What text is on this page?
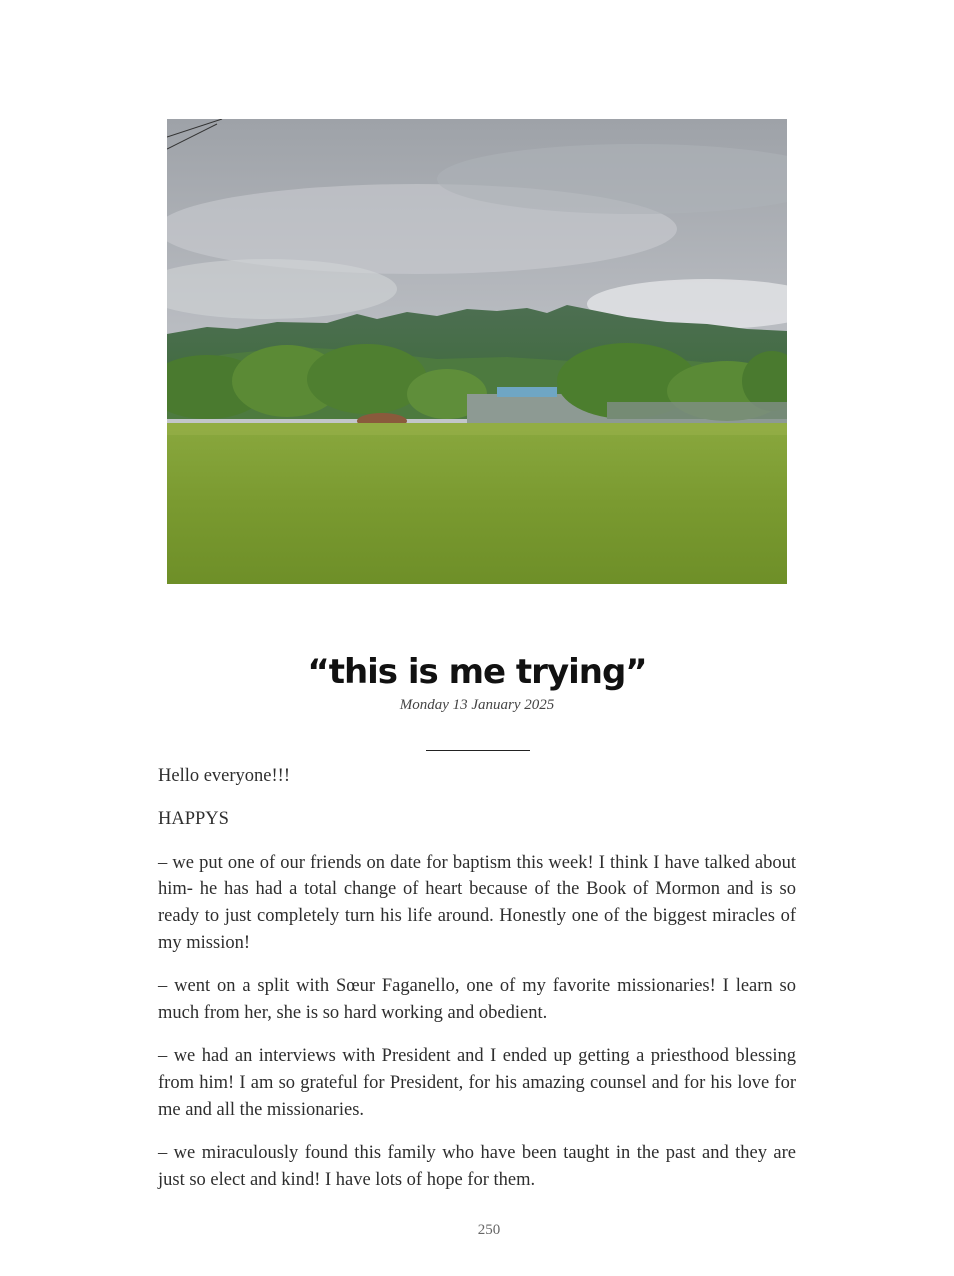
“this is me trying”
Monday 13 January 2025

Hello everyone!!!

HAPPYS

– we put one of our friends on date for baptism this week! I think I have talked about him- he has had a total change of heart because of the Book of Mormon and is so ready to just completely turn his life around. Honestly one of the biggest miracles of my mission!

– went on a split with Sœur Faganello, one of my favorite missionaries! I learn so much from her, she is so hard working and obedient.

– we had an interviews with President and I ended up getting a priesthood blessing from him! I am so grateful for President, for his amazing counsel and for his love for me and all the missionaries.

– we miraculously found this family who have been taught in the past and they are just so elect and kind! I have lots of hope for them.

250
